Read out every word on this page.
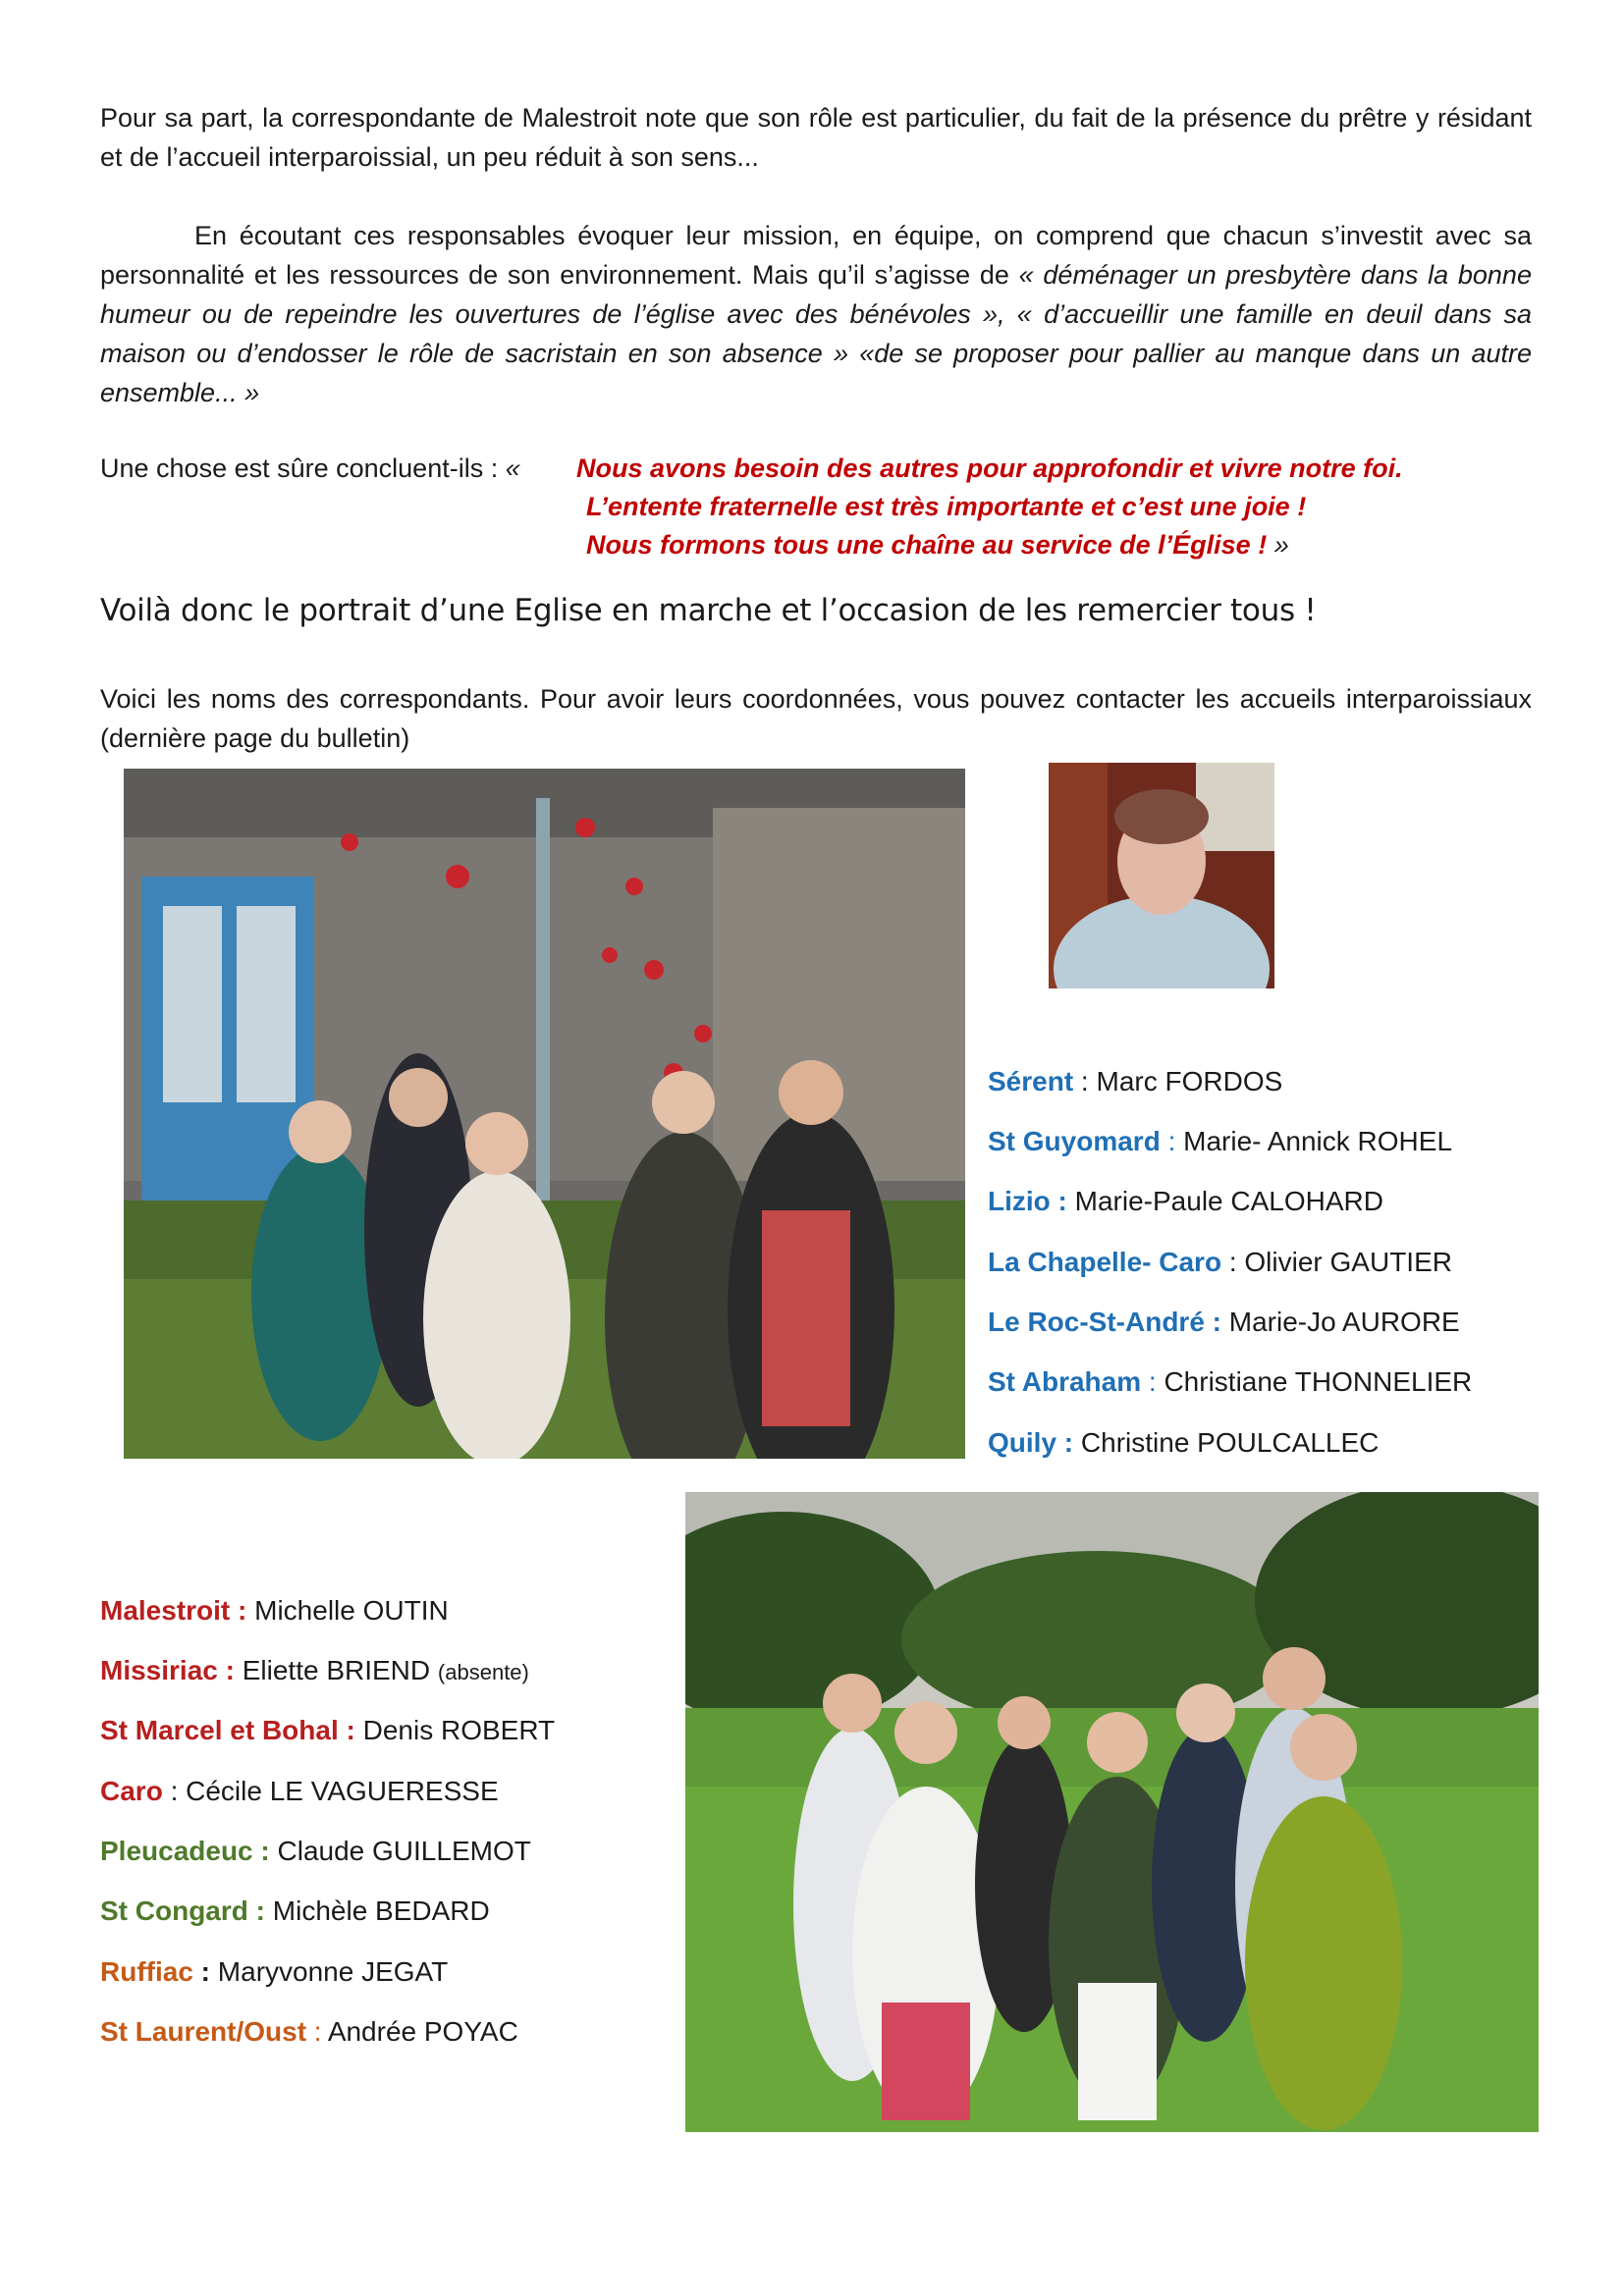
Pour sa part, la correspondante de Malestroit note que son rôle est particulier, du fait de la présence du prêtre y résidant et de l’accueil interparoissial, un peu réduit à son sens...

En écoutant ces responsables évoquer leur mission, en équipe, on comprend que chacun s’investit avec sa personnalité et les ressources de son environnement. Mais qu’il s’agisse de « déménager un presbytère dans la bonne humeur ou de repeindre les ouvertures de l’église avec des bénévoles », « d’accueillir une famille en deuil dans sa maison ou d’endosser le rôle de sacristain en son absence » «de se proposer pour pallier au manque dans un autre ensemble... »

Une chose est sûre concluent-ils : « Nous avons besoin des autres pour approfondir et vivre notre foi.
L’entente fraternelle est très importante et c’est une joie !
Nous formons tous une chaîne au service de l’Église ! »

Voilà donc le portrait d’une Eglise en marche et l’occasion de les remercier tous !

Voici les noms des correspondants. Pour avoir leurs coordonnées, vous pouvez contacter les accueils interparoissiaux (dernière page du bulletin)

Sérent : Marc FORDOS
St Guyomard : Marie- Annick ROHEL
Lizio : Marie-Paule CALOHARD
La Chapelle- Caro : Olivier GAUTIER
Le Roc-St-André : Marie-Jo AURORE
St Abraham : Christiane THONNELIER
Quily : Christine POULCALLEC
Malestroit : Michelle OUTIN
Missiriac : Eliette BRIEND (absente)
St Marcel et Bohal : Denis ROBERT
Caro : Cécile LE VAGUERESSE
Pleucadeuc : Claude GUILLEMOT
St Congard : Michèle BEDARD
Ruffiac : Maryvonne JEGAT
St Laurent/Oust : Andrée POYAC
